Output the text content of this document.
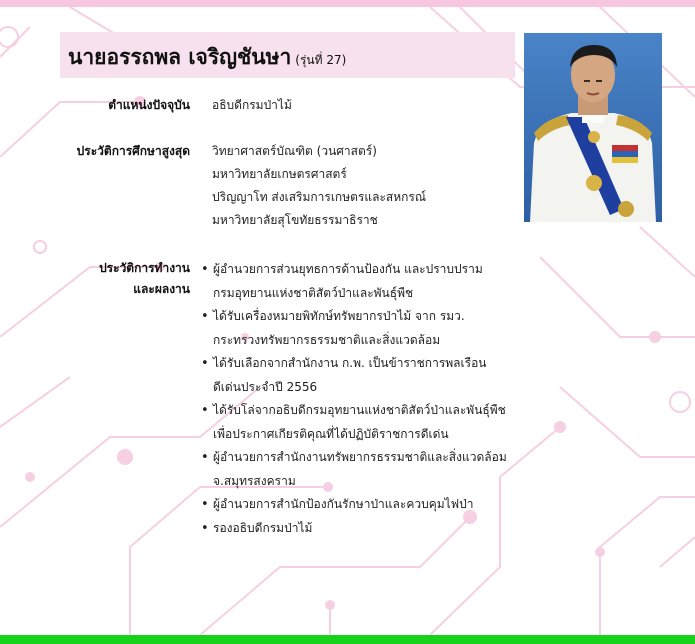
นายอรรถพล เจริญชันษา (รุ่นที่ 27)
ตำแหน่งปัจจุบัน อธิบดีกรมป่าไม้
ประวัติการศึกษาสูงสุด วิทยาศาสตร์บัณฑิต (วนศาสตร์)
มหาวิทยาลัยเกษตรศาสตร์
ปริญญาโท ส่งเสริมการเกษตรและสหกรณ์
มหาวิทยาลัยสุโขทัยธรรมาธิราช
ประวัติการทำงาน
และผลงาน
• ผู้อำนวยการส่วนยุทธการด้านป้องกัน และปราบปราม
กรมอุทยานแห่งชาติสัตว์ป่าและพันธุ์พืช
• ได้รับเครื่องหมายพิทักษ์ทรัพยากรป่าไม้ จาก รมว.
กระทรวงทรัพยากรธรรมชาติและสิ่งแวดล้อม
• ได้รับเลือกจากสำนักงาน ก.พ. เป็นข้าราชการพลเรือน
ดีเด่นประจำปี 2556
• ได้รับโล่จากอธิบดีกรมอุทยานแห่งชาติสัตว์ป่าและพันธุ์พืช
เพื่อประกาศเกียรติคุณที่ได้ปฏิบัติราชการดีเด่น
• ผู้อำนวยการสำนักงานทรัพยากรธรรมชาติและสิ่งแวดล้อม
จ.สมุทรสงคราม
• ผู้อำนวยการสำนักป้องกันรักษาป่าและควบคุมไฟป่า
• รองอธิบดีกรมป่าไม้
